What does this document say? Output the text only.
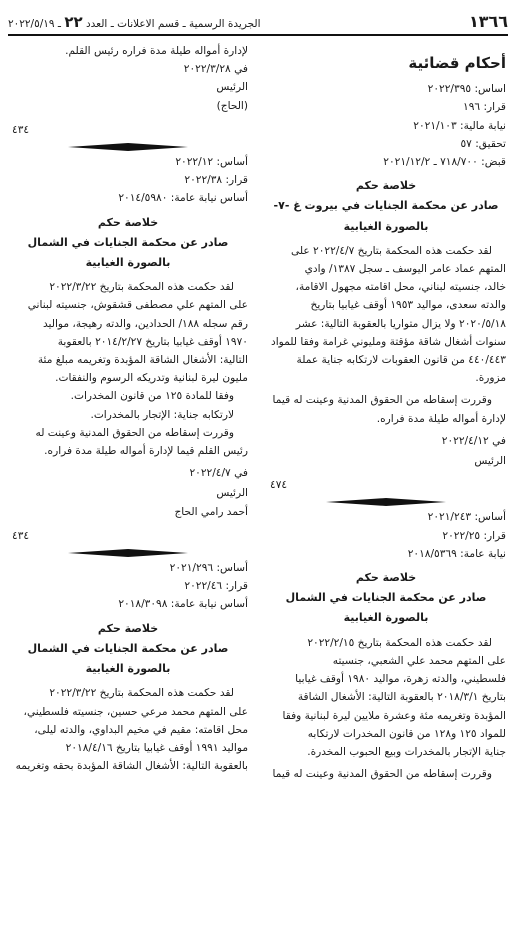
١٣٦٦
الجريدة الرسمية ـ قسم الاعلانات ـ العدد ٢٢ ـ ٢٠٢٢/٥/١٩

أحكام قضائية

اساس: ٢٠٢٢/٣٩٥

قرار: ١٩٦

نيابة مالية: ٢٠٢١/١٠٣

تحقيق: ٥٧

قبض: ٧١٨/٧٠٠ ـ ٢٠٢١/١٢/٢

خلاصة حكم

صادر عن محكمة الجنايات في بيروت غ -٧-

بالصورة الغيابية

لقد حكمت هذه المحكمة بتاريخ ٢٠٢٢/٤/٧ على

المتهم عماد عامر اليوسف ـ سجل ١٣٨٧/ وادي

خالد، جنسيته لبناني، محل اقامته مجهول الاقامة،

والدته سعدى، مواليد ١٩٥٣ أوقف غيابيا بتاريخ

٢٠٢٠/٥/١٨ ولا يزال متواريا بالعقوبة التالية: عشر

سنوات أشغال شاقة مؤقتة ومليوني غرامة وفقا للمواد

٤٤٠/٤٤٣ من قانون العقوبات لارتكابه جناية عملة

مزورة.

وقررت إسقاطه من الحقوق المدنية وعينت له قيما

لإدارة أمواله طيلة مدة فراره.

في ٢٠٢٢/٤/١٢

الرئيس

٤٧٤

أساس: ٢٠٢١/٢٤٣

قرار: ٢٠٢٢/٢٥

نيابة عامة: ٢٠١٨/٥٣٦٩

خلاصة حكم

صادر عن محكمة الجنايات في الشمال

بالصورة الغيابية

لقد حكمت هذه المحكمة بتاريخ ٢٠٢٢/٢/١٥

على المتهم محمد علي الشعبي، جنسيته

فلسطيني، والدته زهرة، مواليد ١٩٨٠ أوقف غيابيا

بتاريخ ٢٠١٨/٣/١ بالعقوبة التالية: الأشغال الشاقة

المؤبدة وتغريمه مئة وعشرة ملايين ليرة لبنانية وفقا

للمواد ١٢٥ و١٢٨ من قانون المخدرات لارتكابه

جناية الإتجار بالمخدرات وبيع الحبوب المخدرة.

وقررت إسقاطه من الحقوق المدنية وعينت له قيما

لإدارة أمواله طيلة مدة فراره رئيس القلم.

في ٢٠٢٢/٣/٢٨

الرئيس

(الحاج)

٤٣٤

أساس: ٢٠٢٢/١٢

قرار: ٢٠٢٢/٣٨

أساس نيابة عامة: ٢٠١٤/٥٩٨٠

خلاصة حكم

صادر عن محكمة الجنايات في الشمال

بالصورة الغيابية

لقد حكمت هذه المحكمة بتاريخ ٢٠٢٢/٣/٢٢

على المتهم علي مصطفى قشقوش، جنسيته لبناني

رقم سجله ١٨٨/ الحدادين، والدته رهيجة، مواليد

١٩٧٠ أوقف غيابيا بتاريخ ٢٠١٤/٢/٢٧ بالعقوبة

التالية: الأشغال الشاقة المؤبدة وتغريمه مبلغ مئة

مليون ليرة لبنانية وتدريكه الرسوم والنفقات.

وفقا للمادة ١٢٥ من قانون المخدرات.

لارتكابه جناية: الإتجار بالمخدرات.

وقررت إسقاطه من الحقوق المدنية وعينت له

رئيس القلم قيما لإدارة أمواله طيلة مدة فراره.

في ٢٠٢٢/٤/٧

الرئيس

أحمد رامي الحاج

٤٣٤

أساس: ٢٠٢١/٢٩٦

قرار: ٢٠٢٢/٤٦

أساس نيابة عامة: ٢٠١٨/٣٠٩٨

خلاصة حكم

صادر عن محكمة الجنايات في الشمال

بالصورة الغيابية

لقد حكمت هذه المحكمة بتاريخ ٢٠٢٢/٣/٢٢

على المتهم محمد مرعي حسين، جنسيته فلسطيني،

محل اقامته: مقيم في مخيم البداوي، والدته ليلى،

مواليد ١٩٩١ أوقف غيابيا بتاريخ ٢٠١٨/٤/١٦

بالعقوبة التالية: الأشغال الشاقة المؤبدة بحقه وتغريمه
